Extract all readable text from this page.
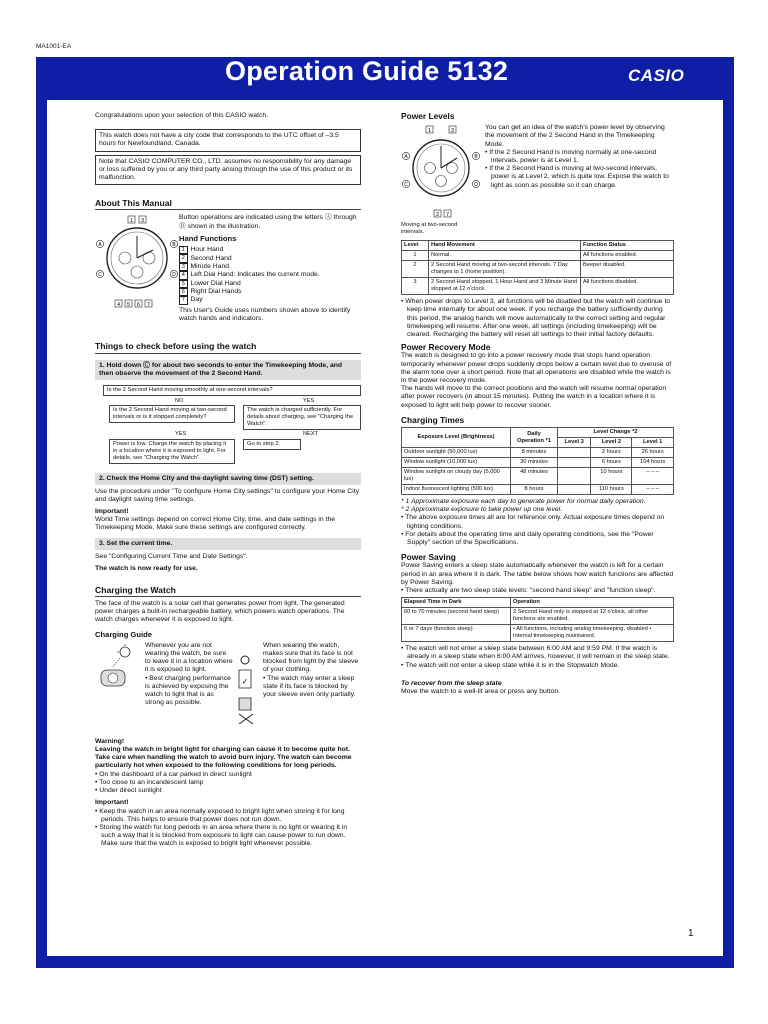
MA1001-EA
Operation Guide 5132	CASIO

Congratulations upon your selection of this CASIO watch.

This watch does not have a city code that corresponds to the UTC offset of –3.5 hours for Newfoundland, Canada.
Note that CASIO COMPUTER CO., LTD. assumes no responsibility for any damage or loss suffered by you or any third party arising through the use of this product or its malfunction.
About This Manual
1 3
4 5 6 7
A	B
C	D

Button operations are indicated using the letters Ⓐ through Ⓓ shown in the illustration.

Hand Functions
1 Hour Hand
2 Second Hand
3 Minute Hand
4 Left Dial Hand: Indicates the current mode.
5 Lower Dial Hand
6 Right Dial Hands
7 Day

This User's Guide uses numbers shown above to identify watch hands and indicators.

Things to check before using the watch
1. Hold down Ⓒ for about two seconds to enter the Timekeeping Mode, and then observe the movement of the 2 Second Hand.
Is the 2 Second Hand moving smoothly at one-second intervals?
NO	YES
Is the 2 Second Hand moving at two-second intervals or is it stopped completely?
The watch is charged sufficiently. For details about charging, see "Charging the Watch".
YES	NEXT
Power is low. Charge the watch by placing it in a location where it is exposed to light. For details, see "Charging the Watch".
Go to step 2.
2. Check the Home City and the daylight saving time (DST) setting.

Use the procedure under "To configure Home City settings" to configure your Home City and daylight saving time settings.

Important!

World Time settings depend on correct Home City, time, and date settings in the Timekeeping Mode. Make sure these settings are configured correctly.

3. Set the current time.

See "Configuring Current Time and Date Settings".

The watch is now ready for use.
Charging the Watch

The face of the watch is a solar cell that generates power from light. The generated power charges a built-in rechargeable battery, which powers watch operations. The watch charges whenever it is exposed to light.

Charging Guide

Whenever you are not wearing the watch, be sure to leave it in a location where it is exposed to light.

• Best charging performance is achieved by exposing the watch to light that is as strong as possible.

✓

When wearing the watch, makes sure that its face is not blocked from light by the sleeve of your clothing.

• The watch may enter a sleep state if its face is blocked by your sleeve even only partially.

Warning!
Leaving the watch in bright light for charging can cause it to become quite hot. Take care when handling the watch to avoid burn injury. The watch can become particularly hot when exposed to the following conditions for long periods.

• On the dashboard of a car parked in direct sunlight

• Too close to an incandescent lamp

• Under direct sunlight

Important!

• Keep the watch in an area normally exposed to bright light when storing it for long periods. This helps to ensure that power does not run down.

• Storing the watch for long periods in an area where there is no light or wearing it in such a way that it is blocked from exposure to light can cause power to run down. Make sure that the watch is exposed to bright light whenever possible.

Power Levels
1	3
2 7
A	B
C	D
Moving at two-second intervals.

You can get an idea of the watch's power level by observing the movement of the 2 Second Hand in the Timekeeping Mode.

• If the 2 Second Hand is moving normally at one-second intervals, power is at Level 1.

• If the 2 Second Hand is moving at two-second intervals, power is at Level 2, which is quite low. Expose the watch to light as soon as possible so it can charge.

Level	Hand Movement	Function Status
1	Normal.	All functions enabled.
2	2 Second Hand moving at two-second intervals. 7 Day changes to 1 (home position).	Beeper disabled.
3	2 Second Hand stopped. 1 Hour Hand and 3 Minute Hand stopped at 12 o'clock.	All functions disabled.

• When power drops to Level 3, all functions will be disabled but the watch will continue to keep time internally for about one week. If you recharge the battery sufficiently during this period, the analog hands will move automatically to the correct setting and regular timekeeping will resume. After one week, all settings (including timekeeping) will be cleared. Recharging the battery will reset all settings to their initial factory defaults.

Power Recovery Mode

The watch is designed to go into a power recovery mode that stops hand operation temporarily whenever power drops suddenly drops below a certain level due to overuse of the alarm tone over a short period. Note that all operations are disabled while the watch is in the power recovery mode.

The hands will move to the correct positions and the watch will resume normal operation after power recovers (in about 15 minutes). Putting the watch in a location where it is exposed to light will help power to recover sooner.

Charging Times
Exposure Level (Brightness)	Daily Operation *1	Level Change *2		
		Level 3	Level 2	Level 1
Outdoor sunlight (50,000 lux)	8 minutes		2 hours	26 hours
Window sunlight (10,000 lux)	30 minutes		6 hours	104 hours
Window sunlight on cloudy day (5,000 lux)	48 minutes		10 hours	– – –
Indoor fluorescent lighting (500 lux)	8 hours		110 hours	– – –

* 1 Approximate exposure each day to generate power for normal daily operation.

* 2 Approximate exposure to take power up one level.

• The above exposure times all are for reference only. Actual exposure times depend on lighting conditions.

• For details about the operating time and daily operating conditions, see the "Power Supply" section of the Specifications.

Power Saving

Power Saving enters a sleep state automatically whenever the watch is left for a certain period in an area where it is dark. The table below shows how watch functions are affected by Power Saving.

• There actually are two sleep state levels: "second hand sleep" and "function sleep".

Elapsed Time in Dark	Operation
60 to 70 minutes (second hand sleep)	2 Second Hand only is stopped at 12 o'clock, all other functions are enabled.
6 or 7 days (function sleep)	• All functions, including analog timekeeping, disabled • Internal timekeeping maintained.

• The watch will not enter a sleep state between 6:00 AM and 9:59 PM. If the watch is already in a sleep state when 6:00 AM arrives, however, it will remain in the sleep state.

• The watch will not enter a sleep state while it is in the Stopwatch Mode.

To recover from the sleep state

Move the watch to a well-lit area or press any button.

1
